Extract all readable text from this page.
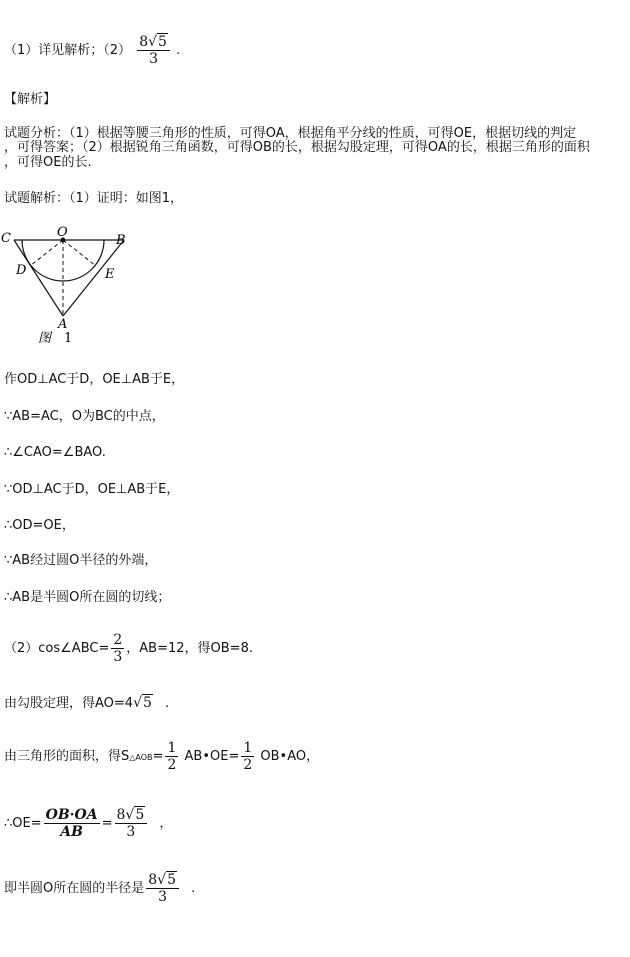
（1）详见解析；$(2) \frac{8√5}{3}$ .
【解析】
试题分析：（1）根据等腰三角形的性质，可得OA，根据角平分线的性质，可得OE，根据切线的判定
，可得答案；（2）根据锐角三角函数，可得OB的长，根据勾股定理，可得OA的长，根据三角形的面积
，可得OE的长.
试题解析：（1）证明：如图1，
O
C	B
D	E
A
图 1
作OD⊥AC于D，OE⊥AB于E，
∵AB=AC，O为BC的中点，
∴∠CAO=∠BAO.
∵OD⊥AC于D，OE⊥AB于E，
∴OD=OE，
∵AB经过圆O半径的外端，
∴AB是半圆O所在圆的切线；
（2）cos∠ABC= $\frac{2}{3}$ ，AB=12，得OB=8.
由勾股定理，得AO=4√5 .
由三角形的面积，得S△AOB= $\frac{1}{2}$ AB•OE= $\frac{1}{2}$ OB•AO，
∴OE= $\frac{OB\cdot OA}{AB} = \frac{8√5}{3}$ ，
即半圆O所在圆的半径是 $\frac{8√5}{3}$ .
